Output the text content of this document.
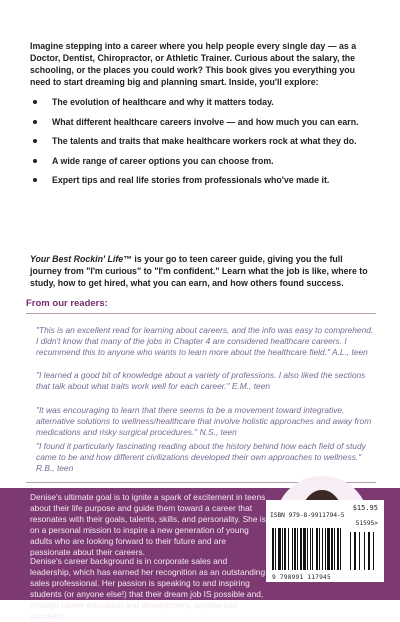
Imagine stepping into a career where you help people every single day — as a Doctor, Dentist, Chiropractor, or Athletic Trainer. Curious about the salary, the schooling, or the places you could work? This book gives you everything you need to start dreaming big and planning smart. Inside, you'll explore:

The evolution of healthcare and why it matters today.
What different healthcare careers involve — and how much you can earn.
The talents and traits that make healthcare workers rock at what they do.
A wide range of career options you can choose from.
Expert tips and real life stories from professionals who've made it.

Your Best Rockin' Life™ is your go to teen career guide, giving you the full journey from "I'm curious" to "I'm confident." Learn what the job is like, where to study, how to get hired, what you can earn, and how others found success.

From our readers:

"This is an excellent read for learning about careers, and the info was easy to comprehend. I didn't know that many of the jobs in Chapter 4 are considered healthcare careers. I recommend this to anyone who wants to learn more about the healthcare field." A.L., teen

"I learned a good bit of knowledge about a variety of professions. I also liked the sections that talk about what traits work well for each career." E.M., teen

"It was encouraging to learn that there seems to be a movement toward integrative, alternative solutions to wellness/healthcare that involve holistic approaches and away from medications and risky surgical procedures." N.S., teen

"I found it particularly fascinating reading about the history behind how each field of study came to be and how different civilizations developed their own approaches to wellness." R.B., teen

Denise's ultimate goal is to ignite a spark of excitement in teens about their life purpose and guide them toward a career that resonates with their goals, talents, skills, and personality. She is on a personal mission to inspire a new generation of young adults who are looking forward to their future and are passionate about their careers.

Denise's career background is in corporate sales and leadership, which has earned her recognition as an outstanding sales professional. Her passion is speaking to and inspiring students (or anyone else!) that their dream job IS possible and, through career education and development, anyone can succeed!

$15.95
ISBN 979-8-9911794-5
51595>
9 798991 117945
